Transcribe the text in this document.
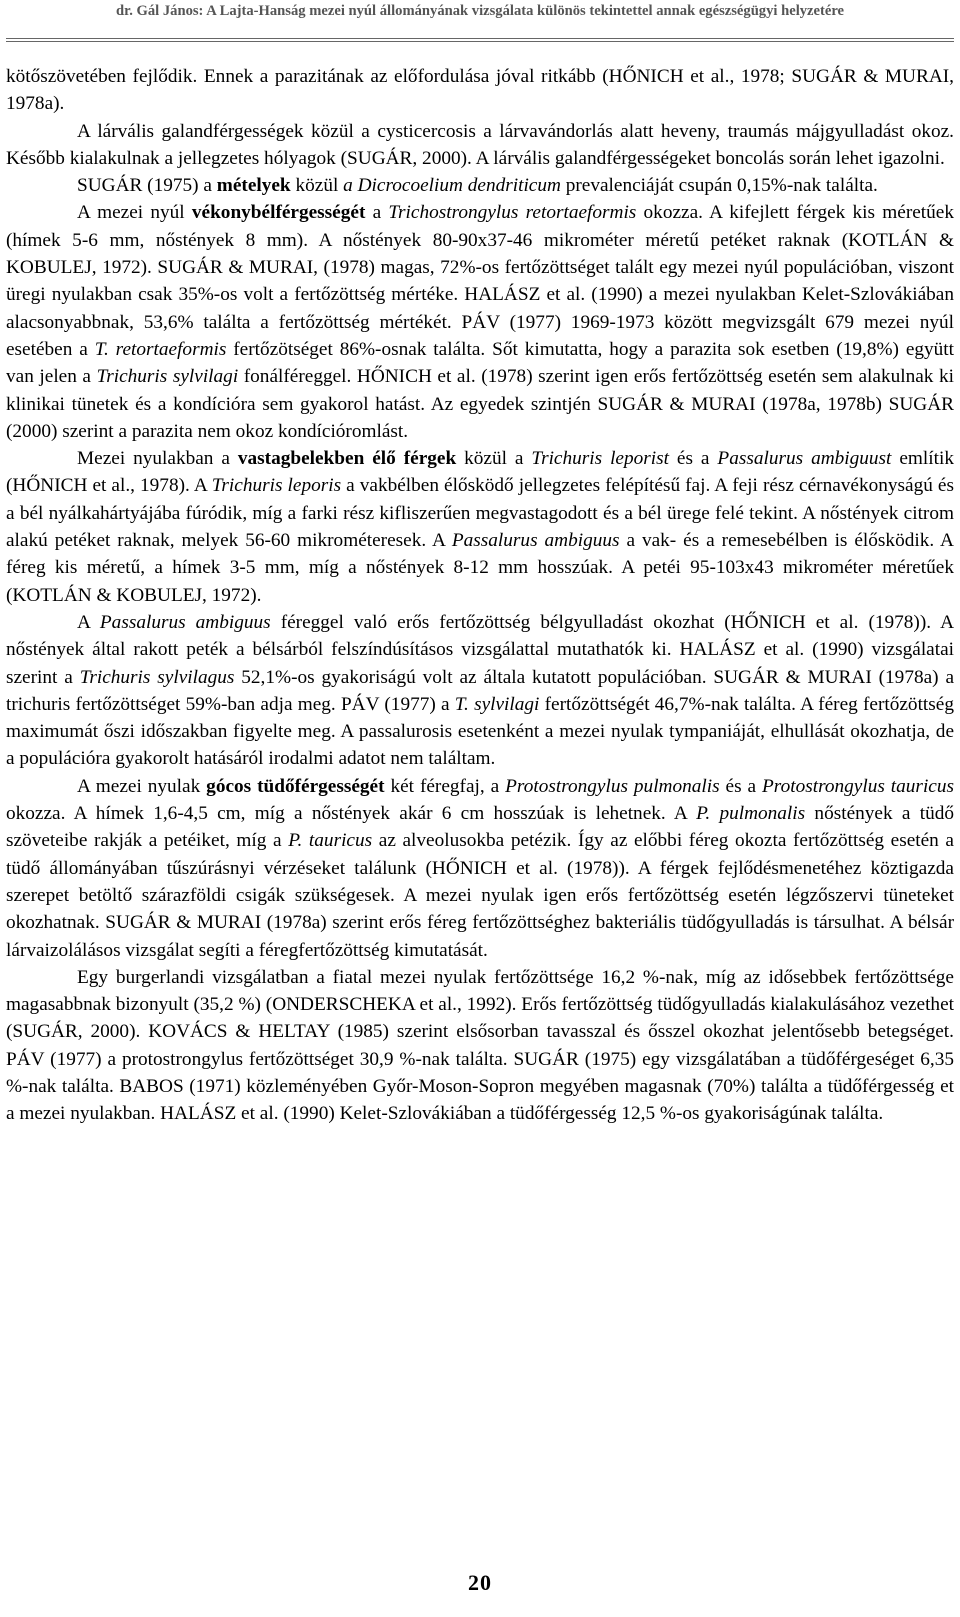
dr. Gál János: A Lajta-Hanság mezei nyúl állományának vizsgálata különös tekintettel annak egészségügyi helyzetére

kötőszövetében fejlődik. Ennek a parazitának az előfordulása jóval ritkább (HŐNICH et al., 1978; SUGÁR & MURAI, 1978a).

A lárvális galandférgességek közül a cysticercosis a lárvavándorlás alatt heveny, traumás májgyulladást okoz. Később kialakulnak a jellegzetes hólyagok (SUGÁR, 2000). A lárvális galandférgességeket boncolás során lehet igazolni.

SUGÁR (1975) a mételyek közül a Dicrocoelium dendriticum prevalenciáját csupán 0,15%-nak találta.

A mezei nyúl vékonybélférgességét a Trichostrongylus retortaeformis okozza. A kifejlett férgek kis méretűek (hímek 5-6 mm, nőstények 8 mm). A nőstények 80-90x37-46 mikrométer méretű petéket raknak (KOTLÁN & KOBULEJ, 1972). SUGÁR & MURAI, (1978) magas, 72%-os fertőzöttséget talált egy mezei nyúl populációban, viszont üregi nyulakban csak 35%-os volt a fertőzöttség mértéke. HALÁSZ et al. (1990) a mezei nyulakban Kelet-Szlovákiában alacsonyabbnak, 53,6% találta a fertőzöttség mértékét. PÁV (1977) 1969-1973 között megvizsgált 679 mezei nyúl esetében a T. retortaeformis fertőzötséget 86%-osnak találta. Sőt kimutatta, hogy a parazita sok esetben (19,8%) együtt van jelen a Trichuris sylvilagi fonálféreggel. HŐNICH et al. (1978) szerint igen erős fertőzöttség esetén sem alakulnak ki klinikai tünetek és a kondícióra sem gyakorol hatást. Az egyedek szintjén SUGÁR & MURAI (1978a, 1978b) SUGÁR (2000) szerint a parazita nem okoz kondícióromlást.

Mezei nyulakban a vastagbelekben élő férgek közül a Trichuris leporist és a Passalurus ambiguust említik (HŐNICH et al., 1978). A Trichuris leporis a vakbélben élősködő jellegzetes felépítésű faj. A feji rész cérnavékonyságú és a bél nyálkahártyájába fúródik, míg a farki rész kifliszerűen megvastagodott és a bél ürege felé tekint. A nőstények citrom alakú petéket raknak, melyek 56-60 mikrométeresek. A Passalurus ambiguus a vak- és a remesebélben is élősködik. A féreg kis méretű, a hímek 3-5 mm, míg a nőstények 8-12 mm hosszúak. A petéi 95-103x43 mikrométer méretűek (KOTLÁN & KOBULEJ, 1972).

A Passalurus ambiguus féreggel való erős fertőzöttség bélgyulladást okozhat (HŐNICH et al. (1978)). A nőstények által rakott peték a bélsárból felszíndúsításos vizsgálattal mutathatók ki. HALÁSZ et al. (1990) vizsgálatai szerint a Trichuris sylvilagus 52,1%-os gyakoriságú volt az általa kutatott populációban. SUGÁR & MURAI (1978a) a trichuris fertőzöttséget 59%-ban adja meg. PÁV (1977) a T. sylvilagi fertőzöttségét 46,7%-nak találta. A féreg fertőzöttség maximumát őszi időszakban figyelte meg. A passalurosis esetenként a mezei nyulak tympaniáját, elhullását okozhatja, de a populációra gyakorolt hatásáról irodalmi adatot nem találtam.

A mezei nyulak gócos tüdőférgességét két féregfaj, a Protostrongylus pulmonalis és a Protostrongylus tauricus okozza. A hímek 1,6-4,5 cm, míg a nőstények akár 6 cm hosszúak is lehetnek. A P. pulmonalis nőstények a tüdő szöveteibe rakják a petéiket, míg a P. tauricus az alveolusokba petézik. Így az előbbi féreg okozta fertőzöttség esetén a tüdő állományában tűszúrásnyi vérzéseket találunk (HŐNICH et al. (1978)). A férgek fejlődésmenetéhez köztigazda szerepet betöltő szárazföldi csigák szükségesek. A mezei nyulak igen erős fertőzöttség esetén légzőszervi tüneteket okozhatnak. SUGÁR & MURAI (1978a) szerint erős féreg fertőzöttséghez bakteriális tüdőgyulladás is társulhat. A bélsár lárvaizolálásos vizsgálat segíti a féregfertőzöttség kimutatását.

Egy burgerlandi vizsgálatban a fiatal mezei nyulak fertőzöttsége 16,2 %-nak, míg az idősebbek fertőzöttsége magasabbnak bizonyult (35,2 %) (ONDERSCHEKA et al., 1992). Erős fertőzöttség tüdőgyulladás kialakulásához vezethet (SUGÁR, 2000). KOVÁCS & HELTAY (1985) szerint elsősorban tavasszal és ősszel okozhat jelentősebb betegséget. PÁV (1977) a protostrongylus fertőzöttséget 30,9 %-nak találta. SUGÁR (1975) egy vizsgálatában a tüdőférgeséget 6,35 %-nak találta. BABOS (1971) közleményében Győr-Moson-Sopron megyében magasnak (70%) találta a tüdőférgesség et a mezei nyulakban. HALÁSZ et al. (1990) Kelet-Szlovákiában a tüdőférgesség 12,5 %-os gyakoriságúnak találta.

20
